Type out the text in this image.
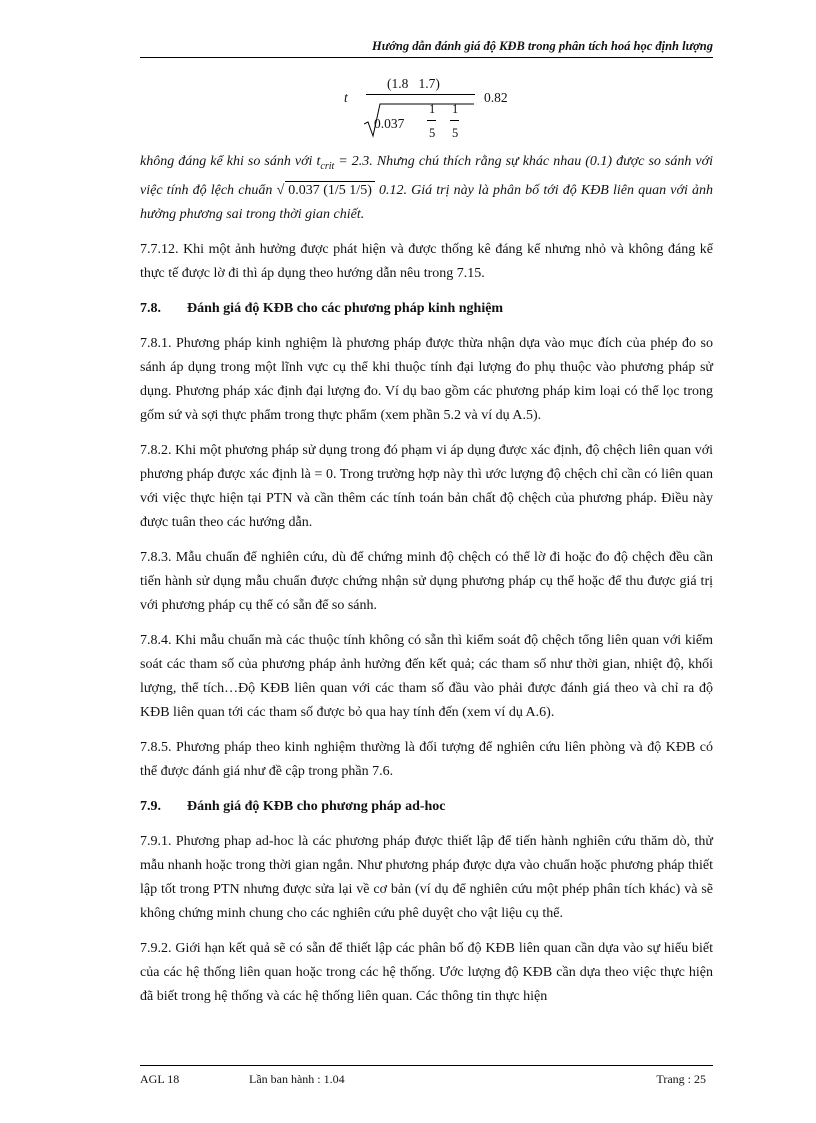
Hướng dẫn đánh giá độ KĐB trong phân tích hoá học định lượng
t
(1.8   1.7)
0.82
0.037
1
5
1
5

không đáng kể khi so sánh với $t_{crit} = 2.3$. Nhưng chú thích rằng sự khác nhau (0.1) được so sánh với việc tính độ lệch chuẩn √ 0.037 (1/5 1/5) 0.12. Giá trị này là phân bố tới độ KĐB liên quan với ảnh hưởng phương sai trong thời gian chiết.

7.7.12. Khi một ảnh hưởng được phát hiện và được thống kê đáng kể nhưng nhỏ và không đáng kể thực tế được lờ đi thì áp dụng theo hướng dẫn nêu trong 7.15.

7.8. Đánh giá độ KĐB cho các phương pháp kinh nghiệm

7.8.1. Phương pháp kinh nghiệm là phương pháp được thừa nhận dựa vào mục đích của phép đo so sánh áp dụng trong một lĩnh vực cụ thể khi thuộc tính đại lượng đo phụ thuộc vào phương pháp sử dụng. Phương pháp xác định đại lượng đo. Ví dụ bao gồm các phương pháp kim loại có thể lọc trong gốm sứ và sợi thực phẩm trong thực phẩm (xem phần 5.2 và ví dụ A.5).

7.8.2. Khi một phương pháp sử dụng trong đó phạm vi áp dụng được xác định, độ chệch liên quan với phương pháp được xác định là = 0. Trong trường hợp này thì ước lượng độ chệch chỉ cần có liên quan với việc thực hiện tại PTN và cần thêm các tính toán bản chất độ chệch của phương pháp. Điều này được tuân theo các hướng dẫn.

7.8.3. Mẫu chuẩn để nghiên cứu, dù để chứng minh độ chệch có thể lờ đi hoặc đo độ chệch đều cần tiến hành sử dụng mẫu chuẩn được chứng nhận sử dụng phương pháp cụ thể hoặc để thu được giá trị với phương pháp cụ thể có sẵn để so sánh.

7.8.4. Khi mẫu chuẩn mà các thuộc tính không có sẵn thì kiểm soát độ chệch tổng liên quan với kiểm soát các tham số của phương pháp ảnh hưởng đến kết quả; các tham số như thời gian, nhiệt độ, khối lượng, thể tích…Độ KĐB liên quan với các tham số đầu vào phải được đánh giá theo và chỉ ra độ KĐB liên quan tới các tham số được bỏ qua hay tính đến (xem ví dụ A.6).

7.8.5. Phương pháp theo kinh nghiệm thường là đối tượng để nghiên cứu liên phòng và độ KĐB có thể được đánh giá như đề cập trong phần 7.6.

7.9. Đánh giá độ KĐB cho phương pháp ad-hoc

7.9.1. Phương phap ad-hoc là các phương pháp được thiết lập để tiến hành nghiên cứu thăm dò, thử mẫu nhanh hoặc trong thời gian ngắn. Như phương pháp được dựa vào chuẩn hoặc phương pháp thiết lập tốt trong PTN nhưng được sửa lại về cơ bản (ví dụ để nghiên cứu một phép phân tích khác) và sẽ không chứng minh chung cho các nghiên cứu phê duyệt cho vật liệu cụ thể.

7.9.2. Giới hạn kết quả sẽ có sẵn để thiết lập các phân bố độ KĐB liên quan cần dựa vào sự hiểu biết của các hệ thống liên quan hoặc trong các hệ thống. Ước lượng độ KĐB cần dựa theo việc thực hiện đã biết trong hệ thống và các hệ thống liên quan. Các thông tin thực hiện

AGL 18	Lần ban hành : 1.04	Trang : 25
